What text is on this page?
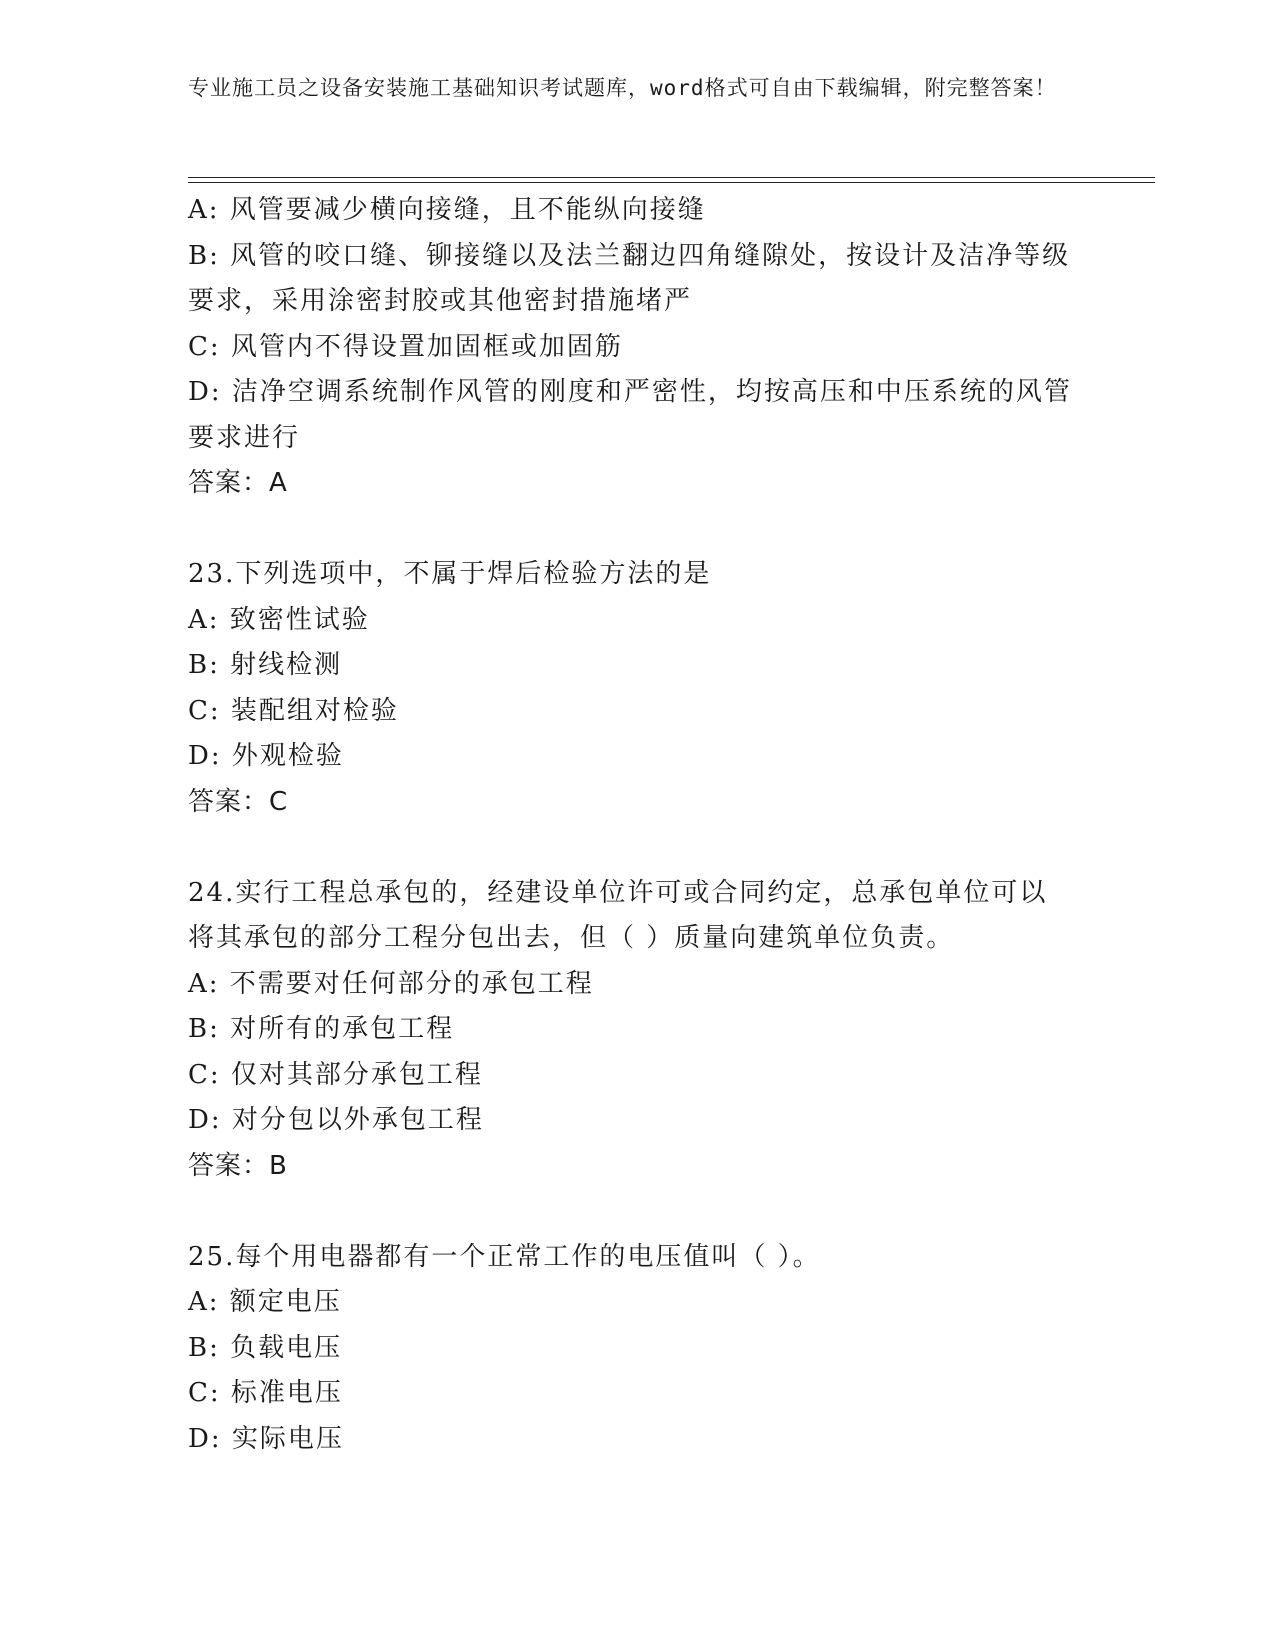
专业施工员之设备安装施工基础知识考试题库，word格式可自由下载编辑，附完整答案！
A: 风管要减少横向接缝，且不能纵向接缝
B: 风管的咬口缝、铆接缝以及法兰翻边四角缝隙处，按设计及洁净等级要求，采用涂密封胶或其他密封措施堵严
C: 风管内不得设置加固框或加固筋
D: 洁净空调系统制作风管的刚度和严密性，均按高压和中压系统的风管要求进行
答案：A
23.下列选项中，不属于焊后检验方法的是
A: 致密性试验
B: 射线检测
C: 装配组对检验
D: 外观检验
答案：C
24.实行工程总承包的，经建设单位许可或合同约定，总承包单位可以将其承包的部分工程分包出去，但（ ）质量向建筑单位负责。
A: 不需要对任何部分的承包工程
B: 对所有的承包工程
C: 仅对其部分承包工程
D: 对分包以外承包工程
答案：B
25.每个用电器都有一个正常工作的电压值叫（ ）。
A: 额定电压
B: 负载电压
C: 标准电压
D: 实际电压
